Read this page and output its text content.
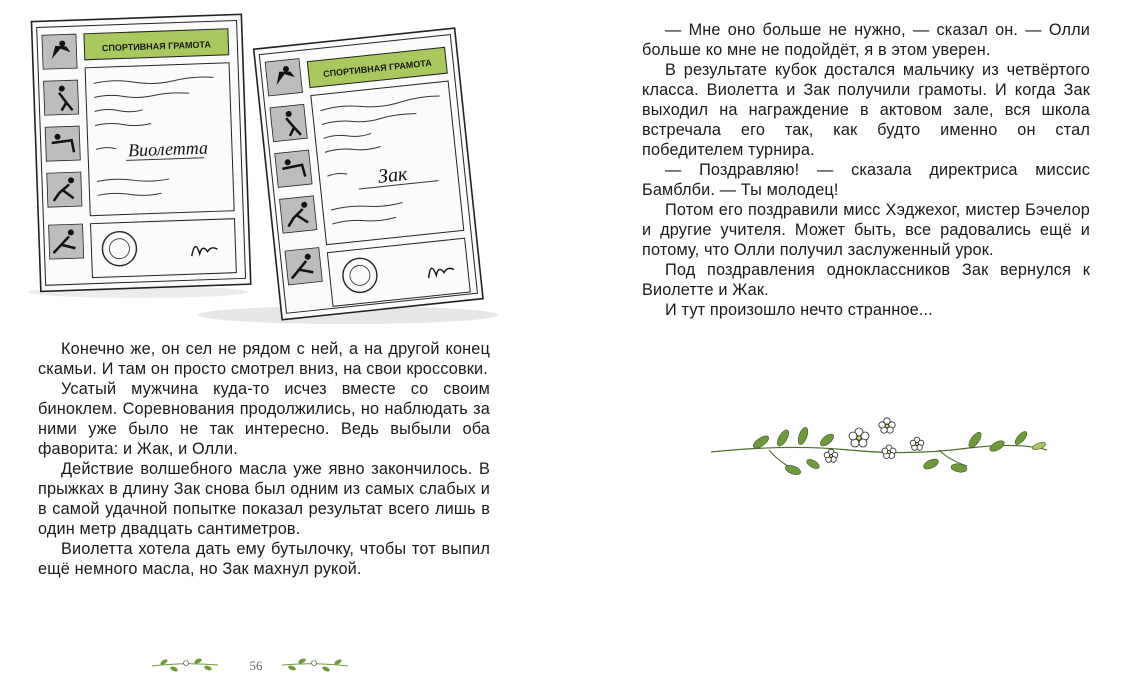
СПОРТИВНАЯ ГРАМОТА
Виолетта
СПОРТИВНАЯ ГРАМОТА
Зак

Конечно же, он сел не рядом с ней, а на другой конец скамьи. И там он просто смотрел вниз, на свои кроссовки.

Усатый мужчина куда-то исчез вместе со своим биноклем. Соревнования продолжились, но наблюдать за ними уже было не так интересно. Ведь выбыли оба фаворита: и Жак, и Олли.

Действие волшебного масла уже явно закончилось. В прыжках в длину Зак снова был одним из самых слабых и в самой удачной попытке показал результат всего лишь в один метр двадцать сантиметров.

Виолетта хотела дать ему бутылочку, чтобы тот выпил ещё немного масла, но Зак махнул рукой.

56

— Мне оно больше не нужно, — сказал он. — Олли больше ко мне не подойдёт, я в этом уверен.

В результате кубок достался мальчику из четвёртого класса. Виолетта и Зак получили грамоты. И когда Зак выходил на награждение в актовом зале, вся школа встречала его так, как будто именно он стал победителем турнира.

— Поздравляю! — сказала директриса миссис Бамблби. — Ты молодец!

Потом его поздравили мисс Хэджехог, мистер Бэчелор и другие учителя. Может быть, все радовались ещё и потому, что Олли получил заслуженный урок.

Под поздравления одноклассников Зак вернулся к Виолетте и Жак.

И тут произошло нечто странное...
